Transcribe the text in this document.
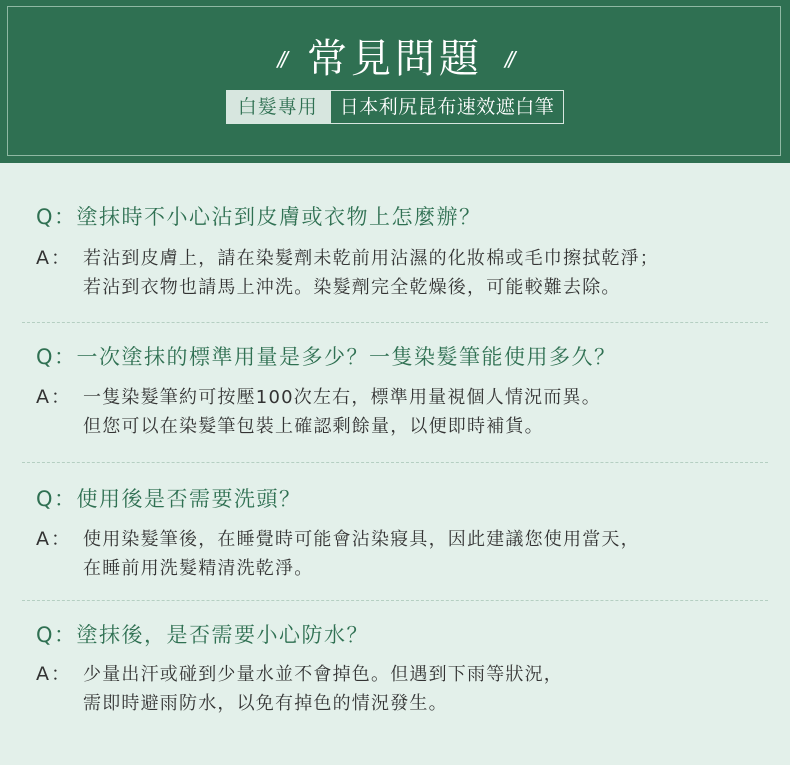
// 常見問題 //
白髮專用	日本利尻昆布速效遮白筆
Q：塗抹時不小心沾到皮膚或衣物上怎麼辦？
A： 若沾到皮膚上，請在染髮劑未乾前用沾濕的化妝棉或毛巾擦拭乾淨；
若沾到衣物也請馬上沖洗。染髮劑完全乾燥後，可能較難去除。
Q：一次塗抹的標準用量是多少？一隻染髮筆能使用多久？
A： 一隻染髮筆約可按壓100次左右，標準用量視個人情況而異。
但您可以在染髮筆包裝上確認剩餘量，以便即時補貨。
Q：使用後是否需要洗頭？
A： 使用染髮筆後，在睡覺時可能會沾染寢具，因此建議您使用當天，
在睡前用洗髮精清洗乾淨。
Q：塗抹後，是否需要小心防水？
A： 少量出汗或碰到少量水並不會掉色。但遇到下雨等狀況，
需即時避雨防水，以免有掉色的情況發生。
